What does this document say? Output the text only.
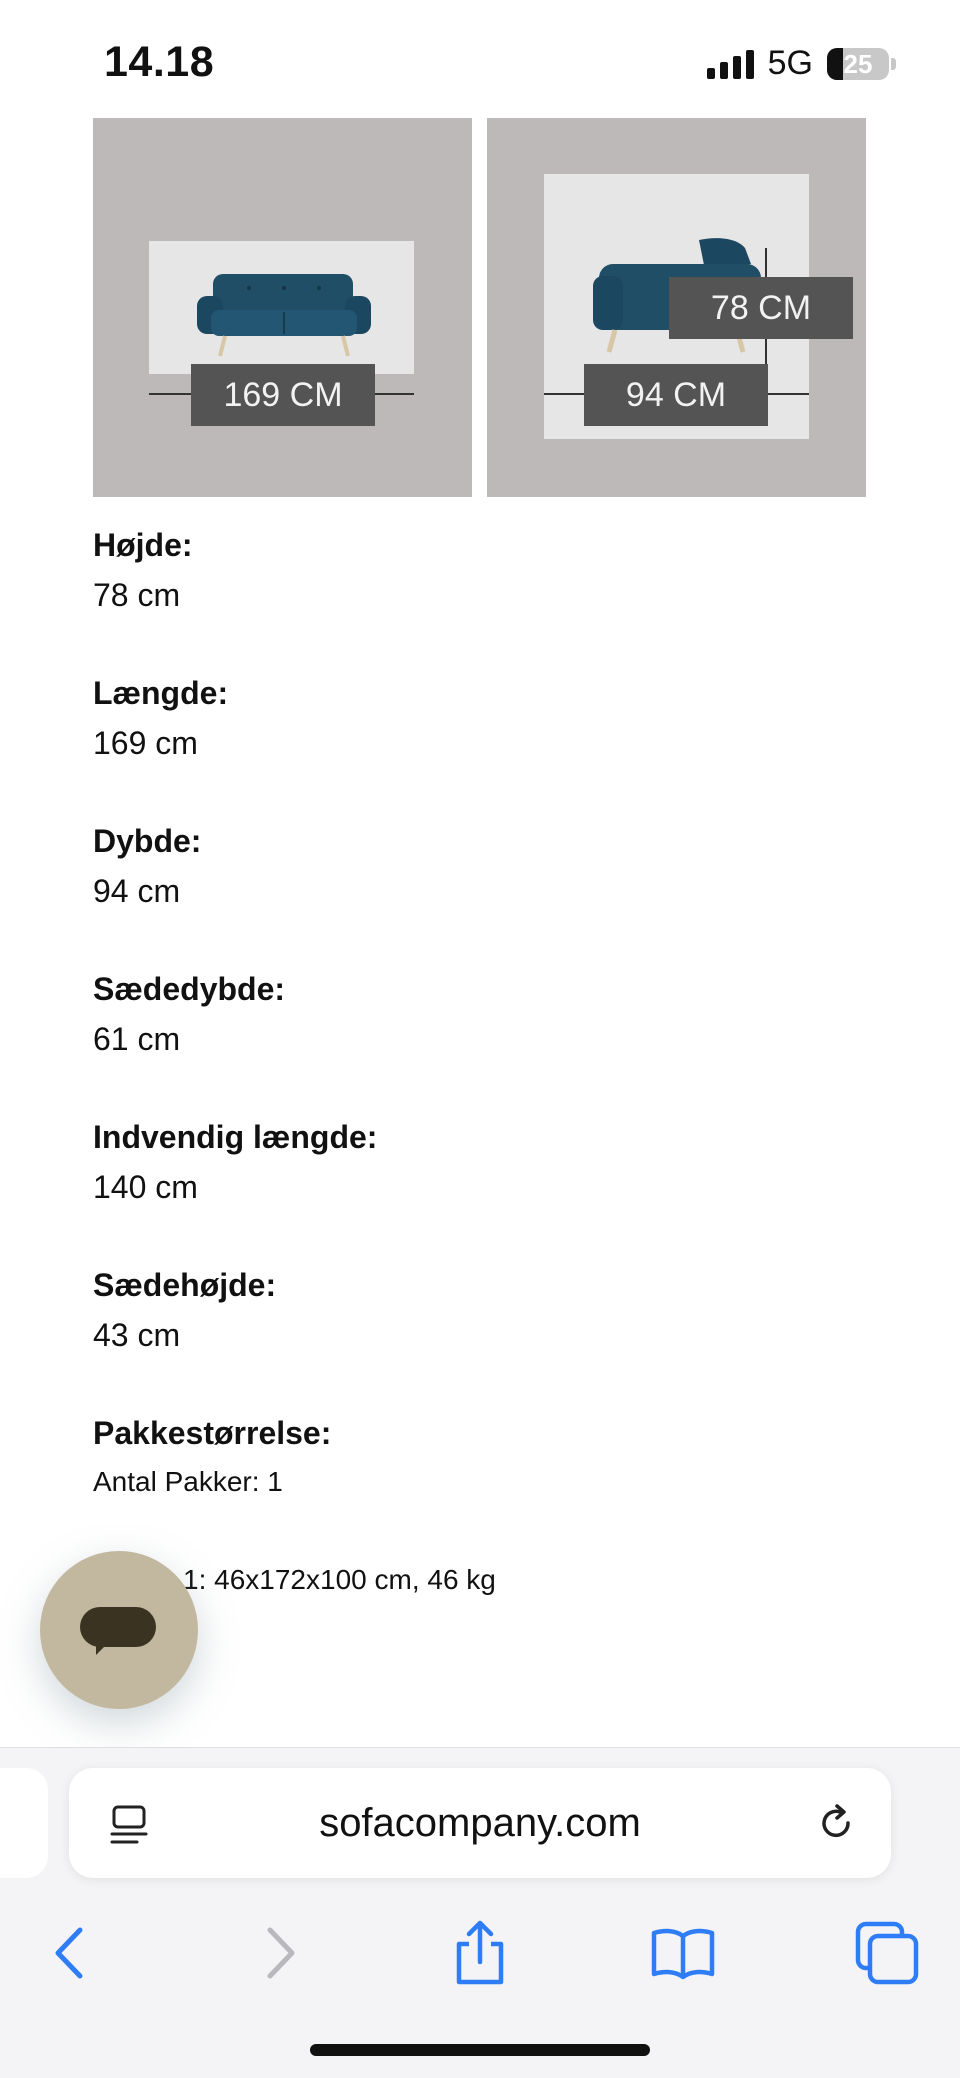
14.18	5G	25
169 CM
78 CM
94 CM
Højde:
78 cm
Længde:
169 cm
Dybde:
94 cm
Sædedybde:
61 cm
Indvendig længde:
140 cm
Sædehøjde:
43 cm
Pakkestørrelse:
Antal Pakker: 1
1: 46x172x100 cm, 46 kg
sofacompany.com
